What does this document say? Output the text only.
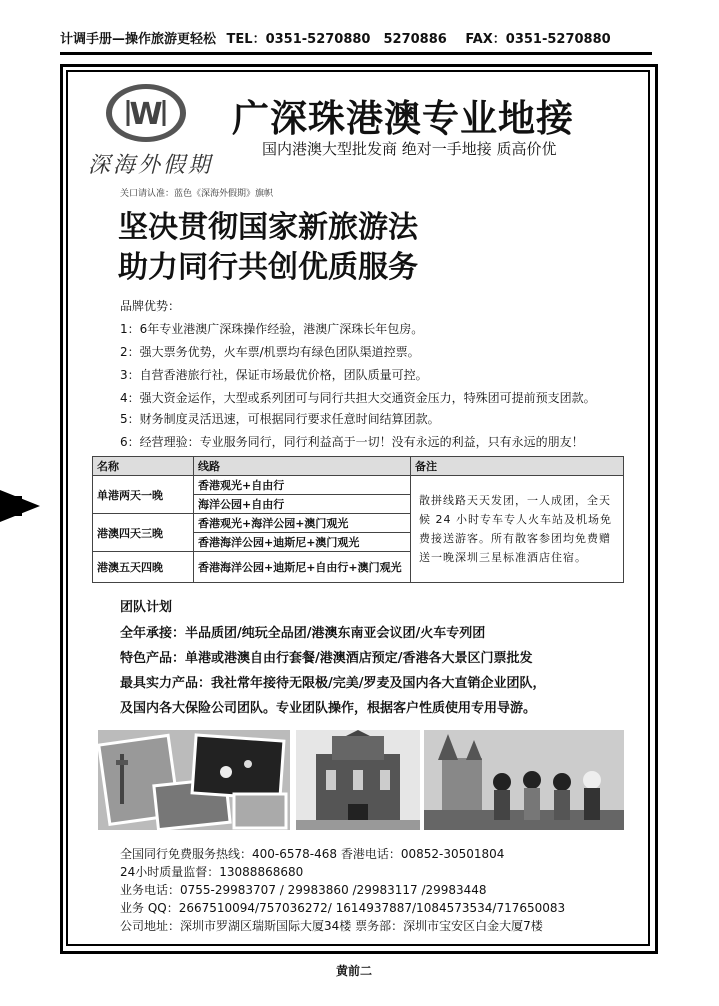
计调手册—操作旅游更轻松 TEL：0351-5270880　5270886 FAX：0351-5270880
W
深海外假期
广深珠港澳专业地接
国内港澳大型批发商 绝对一手地接 质高价优
关口请认准：蓝色《深海外假期》旗帜
坚决贯彻国家新旅游法
助力同行共创优质服务
品牌优势：
1：6年专业港澳广深珠操作经验，港澳广深珠长年包房。
2：强大票务优势，火车票/机票均有绿色团队渠道控票。
3：自营香港旅行社，保证市场最优价格，团队质量可控。
4：强大资金运作，大型或系列团可与同行共担大交通资金压力，特殊团可提前预支团款。
5：财务制度灵活迅速，可根据同行要求任意时间结算团款。
6：经营理验：专业服务同行，同行利益高于一切！没有永远的利益，只有永远的朋友！
名称	线路	备注
单港两天一晚	香港观光+自由行	散拼线路天天发团，一人成团，全天候 24 小时专车专人火车站及机场免费接送游客。所有散客参团均免费赠送一晚深圳三星标准酒店住宿。
	海洋公园+自由行	
港澳四天三晚	香港观光+海洋公园+澳门观光	
	香港海洋公园+迪斯尼+澳门观光	
港澳五天四晚	香港海洋公园+迪斯尼+自由行+澳门观光	
团队计划
全年承接：半品质团/纯玩全品团/港澳东南亚会议团/火车专列团
特色产品：单港或港澳自由行套餐/港澳酒店预定/香港各大景区门票批发
最具实力产品：我社常年接待无限极/完美/罗麦及国内各大直销企业团队，
及国内各大保险公司团队。专业团队操作，根据客户性质使用专用导游。
全国同行免费服务热线：400-6578-468 香港电话：00852-30501804
24小时质量监督：13088868680
业务电话：0755-29983707 / 29983860 /29983117 /29983448
业务 QQ：2667510094/757036272/ 1614937887/1084573534/717650083
公司地址：深圳市罗湖区瑞斯国际大厦34楼 票务部：深圳市宝安区白金大厦7楼
黄前二
